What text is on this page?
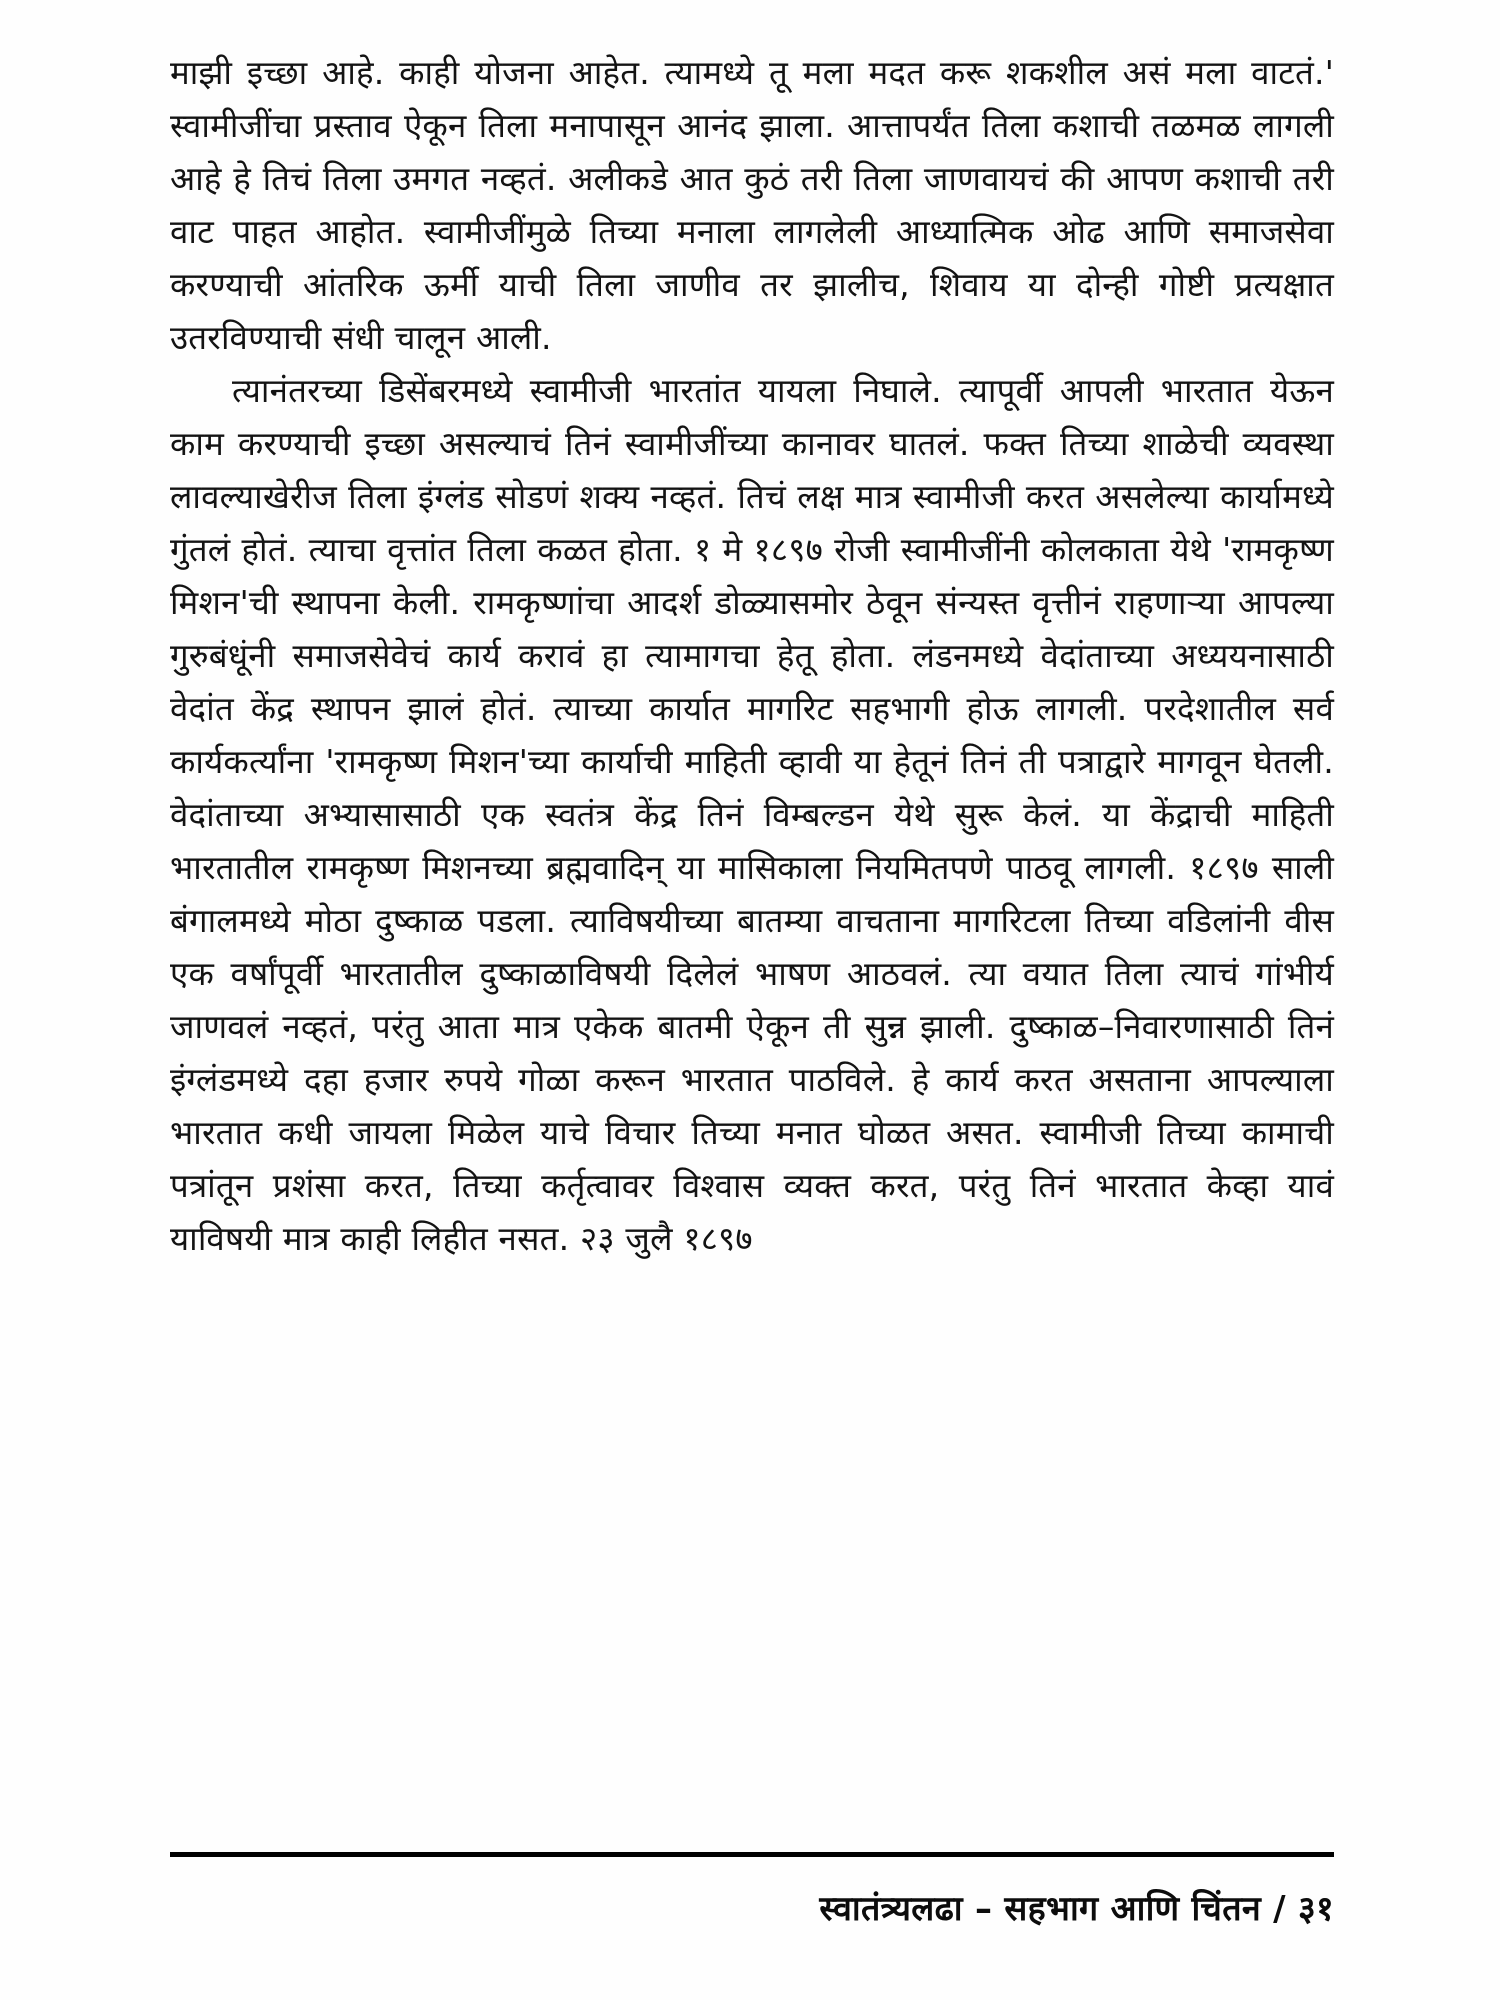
माझी इच्छा आहे. काही योजना आहेत. त्यामध्ये तू मला मदत करू शकशील असं मला वाटतं.' स्वामीजींचा प्रस्ताव ऐकून तिला मनापासून आनंद झाला. आत्तापर्यंत तिला कशाची तळमळ लागली आहे हे तिचं तिला उमगत नव्हतं. अलीकडे आत कुठं तरी तिला जाणवायचं की आपण कशाची तरी वाट पाहत आहोत. स्वामीजींमुळे तिच्या मनाला लागलेली आध्यात्मिक ओढ आणि समाजसेवा करण्याची आंतरिक ऊर्मी याची तिला जाणीव तर झालीच, शिवाय या दोन्ही गोष्टी प्रत्यक्षात उतरविण्याची संधी चालून आली.

त्यानंतरच्या डिसेंबरमध्ये स्वामीजी भारतांत यायला निघाले. त्यापूर्वी आपली भारतात येऊन काम करण्याची इच्छा असल्याचं तिनं स्वामीजींच्या कानावर घातलं. फक्त तिच्या शाळेची व्यवस्था लावल्याखेरीज तिला इंग्लंड सोडणं शक्य नव्हतं. तिचं लक्ष मात्र स्वामीजी करत असलेल्या कार्यामध्ये गुंतलं होतं. त्याचा वृत्तांत तिला कळत होता. १ मे १८९७ रोजी स्वामीजींनी कोलकाता येथे 'रामकृष्ण मिशन'ची स्थापना केली. रामकृष्णांचा आदर्श डोळ्यासमोर ठेवून संन्यस्त वृत्तीनं राहणाऱ्या आपल्या गुरुबंधूंनी समाजसेवेचं कार्य करावं हा त्यामागचा हेतू होता. लंडनमध्ये वेदांताच्या अध्ययनासाठी वेदांत केंद्र स्थापन झालं होतं. त्याच्या कार्यात मागरिट सहभागी होऊ लागली. परदेशातील सर्व कार्यकर्त्यांना 'रामकृष्ण मिशन'च्या कार्याची माहिती व्हावी या हेतूनं तिनं ती पत्राद्वारे मागवून घेतली. वेदांताच्या अभ्यासासाठी एक स्वतंत्र केंद्र तिनं विम्बल्डन येथे सुरू केलं. या केंद्राची माहिती भारतातील रामकृष्ण मिशनच्या ब्रह्मवादिन् या मासिकाला नियमितपणे पाठवू लागली. १८९७ साली बंगालमध्ये मोठा दुष्काळ पडला. त्याविषयीच्या बातम्या वाचताना मागरिटला तिच्या वडिलांनी वीस एक वर्षांपूर्वी भारतातील दुष्काळाविषयी दिलेलं भाषण आठवलं. त्या वयात तिला त्याचं गांभीर्य जाणवलं नव्हतं, परंतु आता मात्र एकेक बातमी ऐकून ती सुन्न झाली. दुष्काळ–निवारणासाठी तिनं इंग्लंडमध्ये दहा हजार रुपये गोळा करून भारतात पाठविले. हे कार्य करत असताना आपल्याला भारतात कधी जायला मिळेल याचे विचार तिच्या मनात घोळत असत. स्वामीजी तिच्या कामाची पत्रांतून प्रशंसा करत, तिच्या कर्तृत्वावर विश्वास व्यक्त करत, परंतु तिनं भारतात केव्हा यावं याविषयी मात्र काही लिहीत नसत. २३ जुलै १८९७

स्वातंत्र्यलढा – सहभाग आणि चिंतन / ३१
